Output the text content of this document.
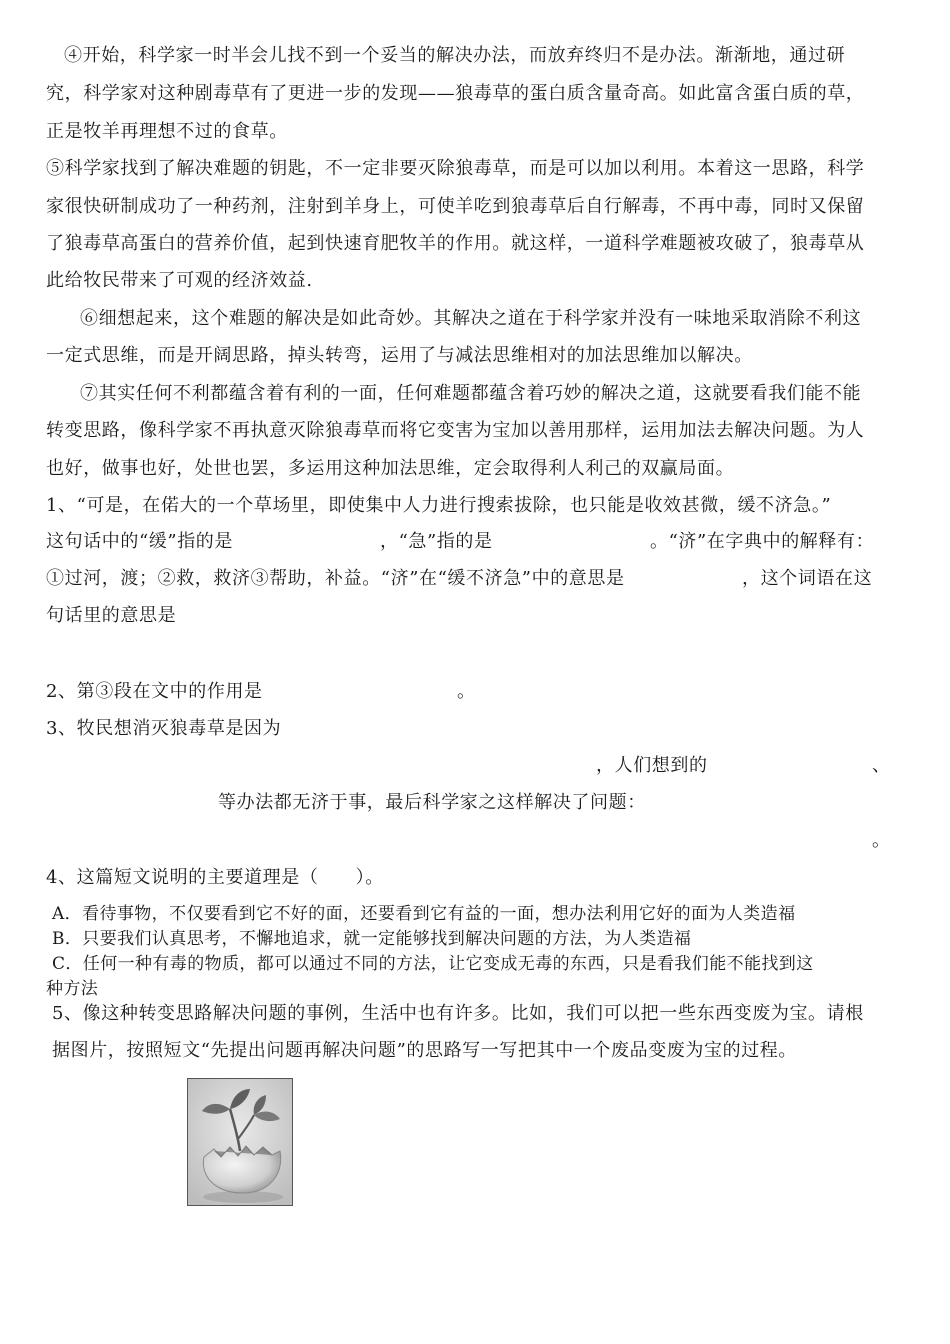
④开始，科学家一时半会儿找不到一个妥当的解决办法，而放弃终归不是办法。渐渐地，通过研
究，科学家对这种剧毒草有了更进一步的发现——狼毒草的蛋白质含量奇高。如此富含蛋白质的草，
正是牧羊再理想不过的食草。
⑤科学家找到了解决难题的钥匙，不一定非要灭除狼毒草，而是可以加以利用。本着这一思路，科学
家很快研制成功了一种药剂，注射到羊身上，可使羊吃到狼毒草后自行解毒，不再中毒，同时又保留
了狼毒草高蛋白的营养价值，起到快速育肥牧羊的作用。就这样，一道科学难题被攻破了，狼毒草从
此给牧民带来了可观的经济效益.
⑥细想起来，这个难题的解决是如此奇妙。其解决之道在于科学家并没有一味地采取消除不利这
一定式思维，而是开阔思路，掉头转弯，运用了与减法思维相对的加法思维加以解决。
⑦其实任何不利都蕴含着有利的一面，任何难题都蕴含着巧妙的解决之道，这就要看我们能不能
转变思路，像科学家不再执意灭除狼毒草而将它变害为宝加以善用那样，运用加法去解决问题。为人
也好，做事也好，处世也罢，多运用这种加法思维，定会取得利人利己的双赢局面。
1、“可是，在偌大的一个草场里，即使集中人力进行搜索拔除，也只能是收效甚微，缓不济急。”
这句话中的“缓”指的是	，“急”指的是	。“济”在字典中的解释有：
①过河，渡；②救，救济③帮助，补益。“济”在“缓不济急”中的意思是	，这个词语在这
句话里的意思是
2、第③段在文中的作用是	。
3、牧民想消灭狼毒草是因为
，人们想到的	、
等办法都无济于事，最后科学家之这样解决了问题：
。
4、这篇短文说明的主要道理是（　　）。
A．看待事物，不仅要看到它不好的面，还要看到它有益的一面，想办法利用它好的面为人类造福
B．只要我们认真思考，不懈地追求，就一定能够找到解决问题的方法，为人类造福
C．任何一种有毒的物质，都可以通过不同的方法，让它变成无毒的东西，只是看我们能不能找到这
种方法
5、像这种转变思路解决问题的事例，生活中也有许多。比如，我们可以把一些东西变废为宝。请根
据图片，按照短文“先提出问题再解决问题”的思路写一写把其中一个废品变废为宝的过程。
